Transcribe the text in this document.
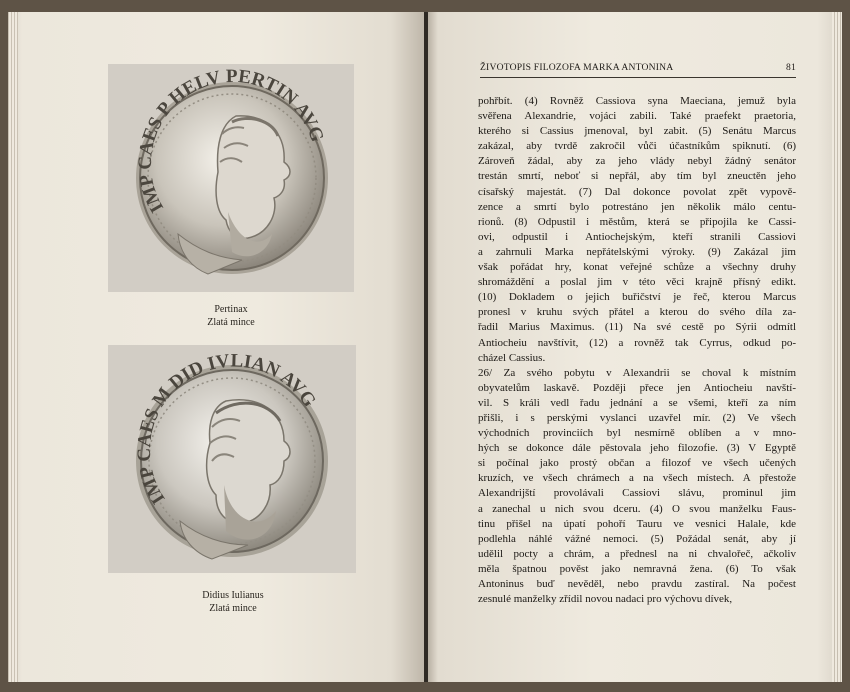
IMP CAES P HELV PERTIN AVG
Pertinax
Zlatá mince
IMP CAES M DID IVLIAN AVG
Didius Iulianus
Zlatá mince
ŽIVOTOPIS FILOZOFA MARKA ANTONINA	81
pohřbít. (4) Rovněž Cassiova syna Maeciana, jemuž byla
svěřena Alexandrie, vojáci zabili. Také praefekt praetoria,
kterého si Cassius jmenoval, byl zabit. (5) Senátu Marcus
zakázal, aby tvrdě zakročil vůči účastníkům spiknutí. (6)
Zároveň žádal, aby za jeho vlády nebyl žádný senátor
trestán smrtí, neboť si nepřál, aby tím byl zneuctěn jeho
císařský majestát. (7) Dal dokonce povolat zpět vypově-
zence a smrtí bylo potrestáno jen několik málo centu-
rionů. (8) Odpustil i městům, která se připojila ke Cassi-
ovi, odpustil i Antiochejským, kteří stranili Cassiovi
a zahrnuli Marka nepřátelskými výroky. (9) Zakázal jim
však pořádat hry, konat veřejné schůze a všechny druhy
shromáždění a poslal jim v této věci krajně přísný edikt.
(10) Dokladem o jejich buřičství je řeč, kterou Marcus
pronesl v kruhu svých přátel a kterou do svého díla za-
řadil Marius Maximus. (11) Na své cestě po Sýrii odmítl
Antiocheiu navštívit, (12) a rovněž tak Cyrrus, odkud po-
cházel Cassius.
26/ Za svého pobytu v Alexandrii se choval k místním
obyvatelům laskavě. Později přece jen Antiocheiu navští-
vil. S králi vedl řadu jednání a se všemi, kteří za ním
přišli, i s perskými vyslanci uzavřel mír. (2) Ve všech
východních provinciích byl nesmírně oblíben a v mno-
hých se dokonce dále pěstovala jeho filozofie. (3) V Egyptě
si počínal jako prostý občan a filozof ve všech učených
kruzích, ve všech chrámech a na všech místech. A přestože
Alexandrijští provolávali Cassiovi slávu, prominul jim
a zanechal u nich svou dceru. (4) O svou manželku Faus-
tinu přišel na úpatí pohoří Tauru ve vesnici Halale, kde
podlehla náhlé vážné nemoci. (5) Požádal senát, aby jí
udělil pocty a chrám, a přednesl na ni chvalořeč, ačkoliv
měla špatnou pověst jako nemravná žena. (6) To však
Antoninus buď nevěděl, nebo pravdu zastíral. Na počest
zesnulé manželky zřídil novou nadaci pro výchovu dívek,
